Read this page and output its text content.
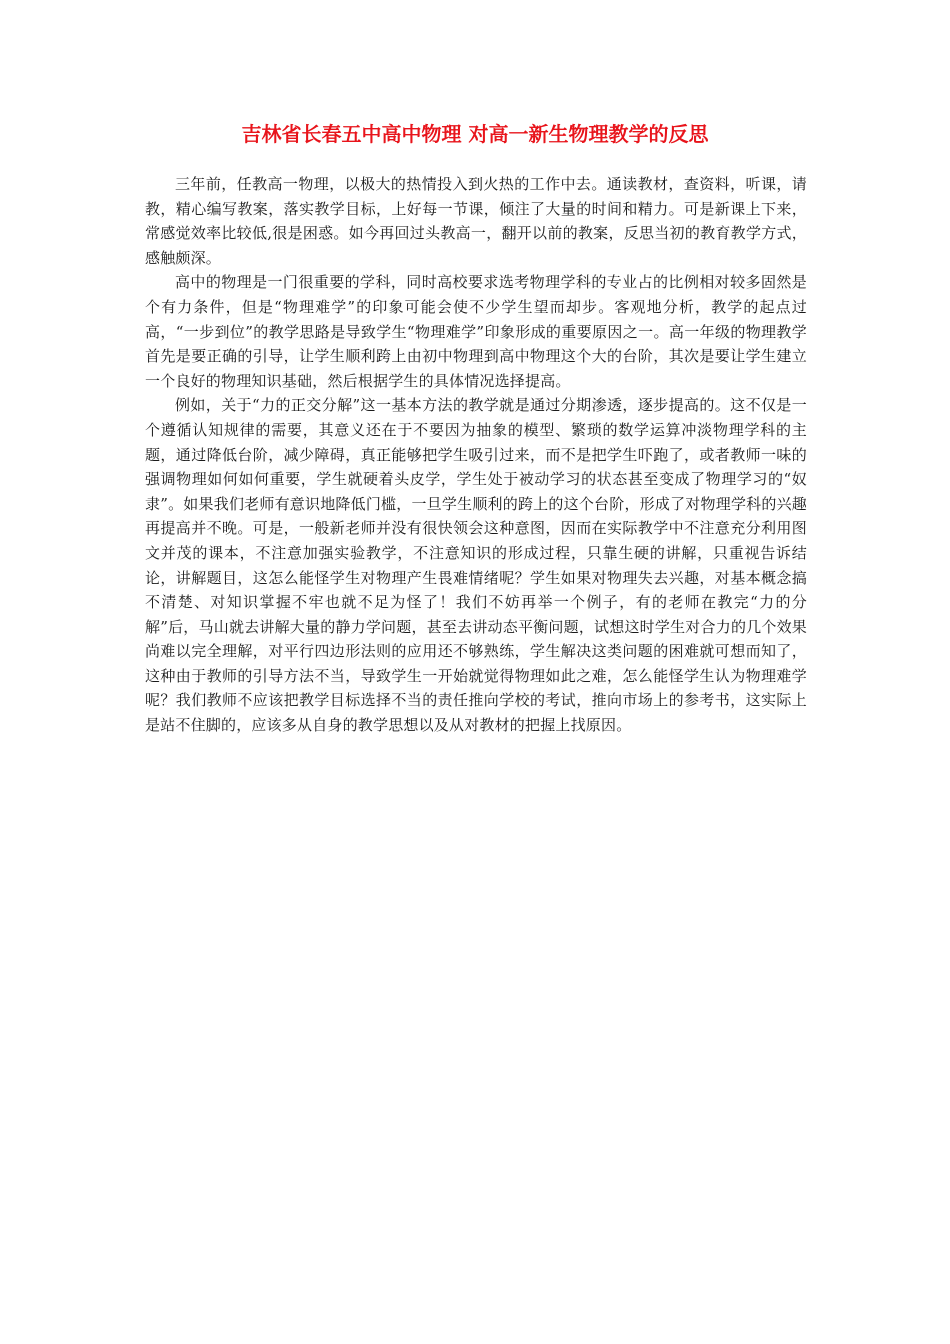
吉林省长春五中高中物理 对高一新生物理教学的反思

三年前，任教高一物理，以极大的热情投入到火热的工作中去。通读教材，查资料，听课，请教，精心编写教案，落实教学目标，上好每一节课，倾注了大量的时间和精力。可是新课上下来，常感觉效率比较低,很是困惑。如今再回过头教高一，翻开以前的教案，反思当初的教育教学方式，感触颇深。

高中的物理是一门很重要的学科，同时高校要求选考物理学科的专业占的比例相对较多固然是个有力条件，但是“物理难学”的印象可能会使不少学生望而却步。客观地分析，教学的起点过高，“一步到位”的教学思路是导致学生“物理难学”印象形成的重要原因之一。高一年级的物理教学首先是要正确的引导，让学生顺利跨上由初中物理到高中物理这个大的台阶，其次是要让学生建立一个良好的物理知识基础，然后根据学生的具体情况选择提高。

例如，关于“力的正交分解”这一基本方法的教学就是通过分期渗透，逐步提高的。这不仅是一个遵循认知规律的需要，其意义还在于不要因为抽象的模型、繁琐的数学运算冲淡物理学科的主题，通过降低台阶，减少障碍，真正能够把学生吸引过来，而不是把学生吓跑了，或者教师一味的强调物理如何如何重要，学生就硬着头皮学，学生处于被动学习的状态甚至变成了物理学习的“奴隶”。如果我们老师有意识地降低门槛，一旦学生顺利的跨上的这个台阶，形成了对物理学科的兴趣再提高并不晚。可是，一般新老师并没有很快领会这种意图，因而在实际教学中不注意充分利用图文并茂的课本，不注意加强实验教学，不注意知识的形成过程，只靠生硬的讲解，只重视告诉结论，讲解题目，这怎么能怪学生对物理产生畏难情绪呢？学生如果对物理失去兴趣，对基本概念搞不清楚、对知识掌握不牢也就不足为怪了！我们不妨再举一个例子，有的老师在教完“力的分解”后，马山就去讲解大量的静力学问题，甚至去讲动态平衡问题，试想这时学生对合力的几个效果尚难以完全理解，对平行四边形法则的应用还不够熟练，学生解决这类问题的困难就可想而知了，这种由于教师的引导方法不当，导致学生一开始就觉得物理如此之难，怎么能怪学生认为物理难学呢？我们教师不应该把教学目标选择不当的责任推向学校的考试，推向市场上的参考书，这实际上是站不住脚的，应该多从自身的教学思想以及从对教材的把握上找原因。
